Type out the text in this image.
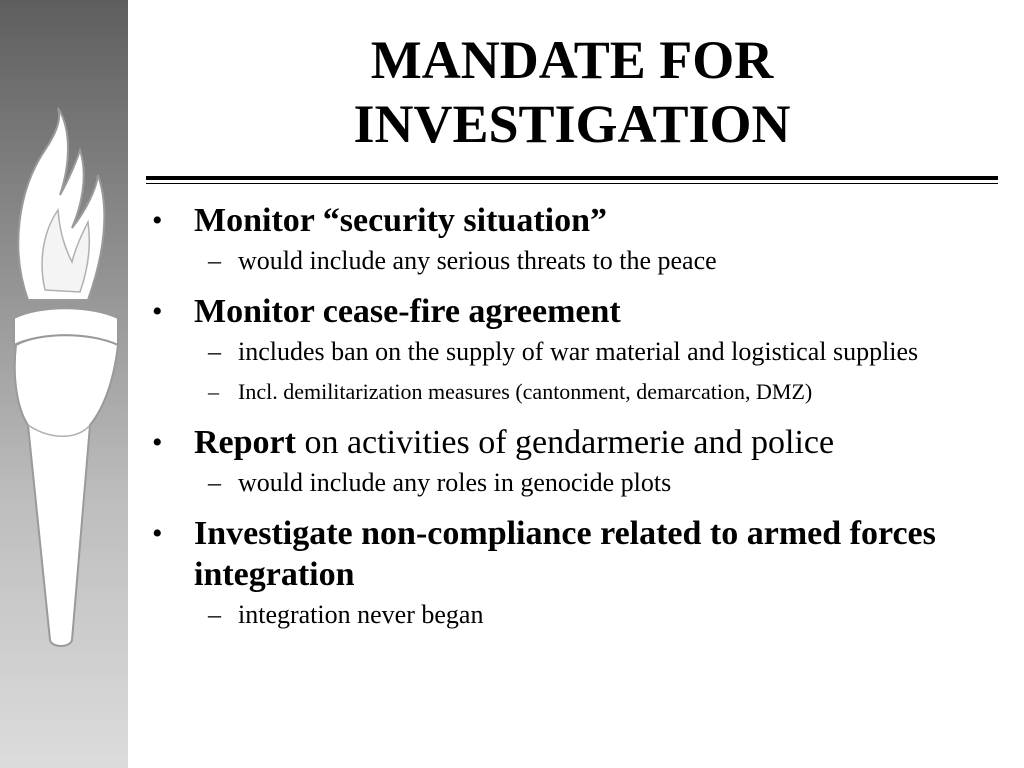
MANDATE FOR
INVESTIGATION
• Monitor “security situation”
– would include any serious threats to the peace
• Monitor cease-fire agreement
– includes ban on the supply of war material and logistical supplies
– Incl. demilitarization measures (cantonment, demarcation, DMZ)
• Report on activities of gendarmerie and police
– would include any roles in genocide plots
• Investigate non-compliance related to armed forces integration
– integration never began
